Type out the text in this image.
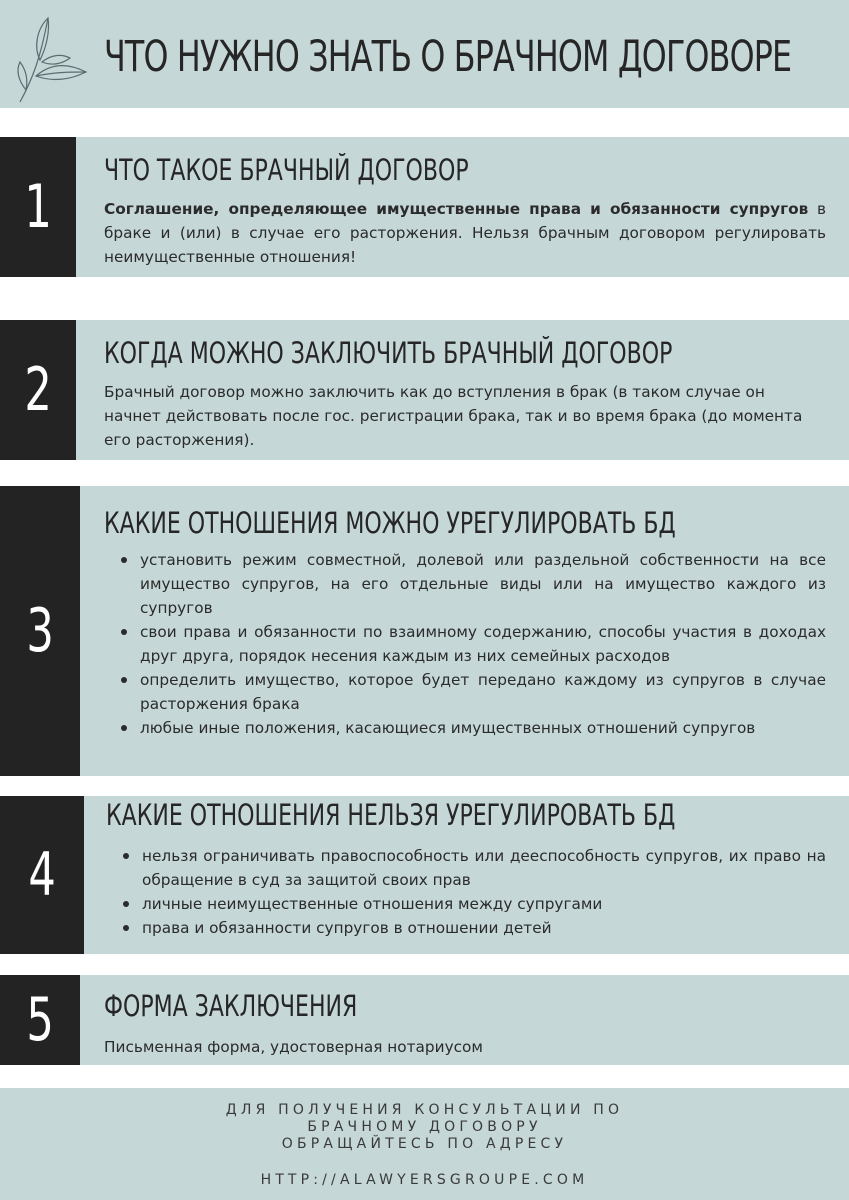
ЧТО НУЖНО ЗНАТЬ О БРАЧНОМ ДОГОВОРЕ
1
ЧТО ТАКОЕ БРАЧНЫЙ ДОГОВОР
Соглашение, определяющее имущественные права и обязанности супругов в браке и (или) в случае его расторжения. Нельзя брачным договором регулировать неимущественные отношения!
2
КОГДА МОЖНО ЗАКЛЮЧИТЬ БРАЧНЫЙ ДОГОВОР
Брачный договор можно заключить как до вступления в брак (в таком случае он начнет действовать после гос. регистрации брака, так и во время брака (до момента его расторжения).
3
КАКИЕ ОТНОШЕНИЯ МОЖНО УРЕГУЛИРОВАТЬ БД
установить режим совместной, долевой или раздельной собственности на все имущество супругов, на его отдельные виды или на имущество каждого из супругов
свои права и обязанности по взаимному содержанию, способы участия в доходах друг друга, порядок несения каждым из них семейных расходов
определить имущество, которое будет передано каждому из супругов в случае расторжения брака
любые иные положения, касающиеся имущественных отношений супругов
4
КАКИЕ ОТНОШЕНИЯ НЕЛЬЗЯ УРЕГУЛИРОВАТЬ БД
нельзя ограничивать правоспособность или дееспособность супругов, их право на обращение в суд за защитой своих прав
личные неимущественные отношения между супругами
права и обязанности супругов в отношении детей
5 ФОРМА ЗАКЛЮЧЕНИЯ
Письменная форма, удостоверная нотариусом
ДЛЯ ПОЛУЧЕНИЯ КОНСУЛЬТАЦИИ ПО
БРАЧНОМУ ДОГОВОРУ
ОБРАЩАЙТЕСЬ ПО АДРЕСУ
HTTP://ALAWYERSGROUPE.COM
